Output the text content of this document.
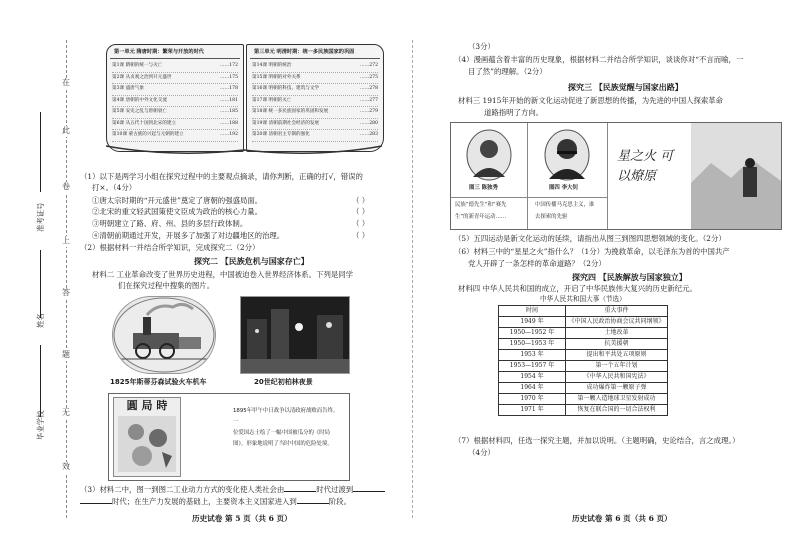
在
此
卷
上
答
题
无
效
准考证号
姓名
毕业学校
第一单元 隋唐时期：繁荣与开放的时代
第1课 隋朝的统一与灭亡	……172
第2课 从贞观之治到开元盛世	……175
第3课 盛唐气象	……178
第4课 唐朝的中外文化交流	……181
第5课 安史之乱与唐朝衰亡	……185
第6课 从五代十国到北宋的建立	……188
第10课 蒙古族的兴起与元朝的建立	……192
第三单元 明清时期：统一多民族国家的巩固
第14课 明朝的统治	……272
第15课 明朝的对外关系	……275
第16课 明朝的科技、建筑与文学	……278
第17课 明朝的灭亡	……277
第18课 统一多民族国家的巩固和发展	……279
第19课 清朝前期社会经济的发展	……280
第20课 清朝君主专制的强化	……283
（1）以下是两学习小组在探究过程中的主要观点摘录，请你判断，正确的打√，错误的
打×。（4分）
①唐太宗时期的“开元盛世”奠定了唐朝的强盛局面。	（ ）
②北宋的重文轻武国策使文臣成为政治的核心力量。	（ ）
③明朝建立了路、府、州、县的多层行政体制。	（ ）
④清朝前期通过开发，开展多了加强了对边疆地区的治理。	（ ）
（2）根据材料一并结合所学知识，完成探究二（2分）
探究二 【民族危机与国家存亡】
材料二 工业革命改变了世界历史进程，中国被迫卷入世界经济体系。下列是同学
们在探究过程中搜集的图片。
1825年斯蒂芬森试验火车机车	20世纪初柏林夜景
圓 局 時	1895年甲午中日战争以清政府战败而告终。
一
位爱国志士绘了一幅中国被瓜分的《时局
图》，形象地说明了当时中国的危险处境。
（3）材料二中，图一到图二工业动力方式的变化使人类社会由	时代过渡到
时代；在生产力发展的基础上，主要资本主义国家进入到	阶段。
历史试卷 第 5 页（共 6 页）
（3分）
（4）漫画蕴含着丰富的历史现象，根据材料二并结合所学知识，谈谈你对“不言而喻，一
目了然”的理解。（2分）
探究三 【民族觉醒与国家出路】
材料三 1915年开始的新文化运动促进了新思想的传播，为先进的中国人探索革命
道路指明了方向。
图三 陈独秀	图四 李大钊
民族“德先生”和“赛先
生”的新青年运动……
中国传播马克思主义，谁
去探索的先驱
星之火 可以燎原
（5）五四运动是新文化运动的延续，请指出从图三到图四思想领域的变化。（2分）
（6）材料三中的“星星之火”指什么？（1分）为挽救革命，以毛泽东为首的中国共产
党人开辟了一条怎样的革命道路？（2分）
探究四 【民族解放与国家独立】
材料四 中华人民共和国的成立，开启了中华民族伟大复兴的历史新纪元。
中华人民共和国大事（节选）
时间	重大事件
1949 年	《中国人民政治协商会议共同纲领》
1950—1952 年	土地改革
1950—1953 年	抗美援朝
1953 年	提出和平共处五项原则
1953—1957 年	第一个五年计划
1954 年	《中华人民共和国宪法》
1964 年	成功爆炸第一颗原子弹
1970 年	第一颗人造地球卫星发射成功
1971 年	恢复在联合国的一切合法权利
（7）根据材料四，任选一探究主题，并加以说明。（主题明确，史论结合，言之成理。）
（4分）
历史试卷 第 6 页（共 6 页）
